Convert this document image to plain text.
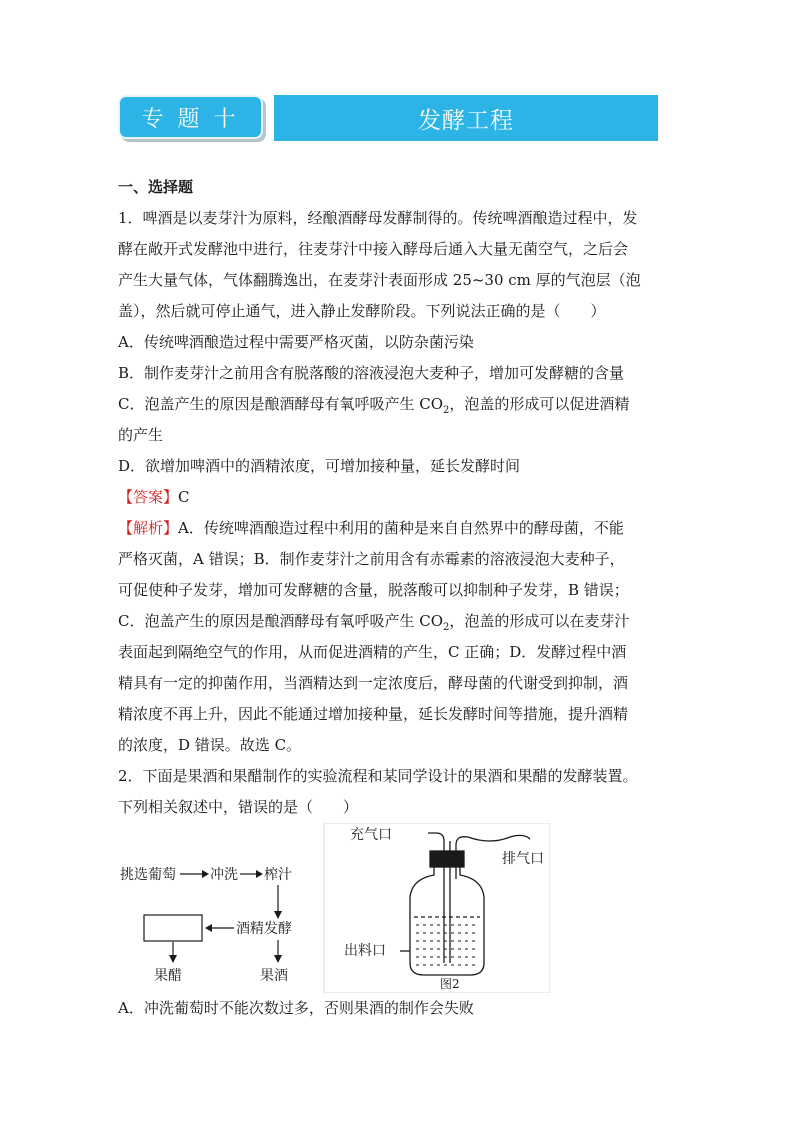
专题十	发酵工程

一、选择题

1．啤酒是以麦芽汁为原料，经酿酒酵母发酵制得的。传统啤酒酿造过程中，发

酵在敞开式发酵池中进行，往麦芽汁中接入酵母后通入大量无菌空气，之后会

产生大量气体，气体翻腾逸出，在麦芽汁表面形成 25~30 cm 厚的气泡层（泡

盖），然后就可停止通气，进入静止发酵阶段。下列说法正确的是（　　）

A．传统啤酒酿造过程中需要严格灭菌，以防杂菌污染

B．制作麦芽汁之前用含有脱落酸的溶液浸泡大麦种子，增加可发酵糖的含量

C．泡盖产生的原因是酿酒酵母有氧呼吸产生 $CO_2$，泡盖的形成可以促进酒精

的产生

D．欲增加啤酒中的酒精浓度，可增加接种量，延长发酵时间

【答案】C

【解析】A．传统啤酒酿造过程中利用的菌种是来自自然界中的酵母菌，不能

严格灭菌，A 错误；B．制作麦芽汁之前用含有赤霉素的溶液浸泡大麦种子，

可促使种子发芽，增加可发酵糖的含量，脱落酸可以抑制种子发芽，B 错误；

C．泡盖产生的原因是酿酒酵母有氧呼吸产生 $CO_2$，泡盖的形成可以在麦芽汁

表面起到隔绝空气的作用，从而促进酒精的产生，C 正确；D．发酵过程中酒

精具有一定的抑菌作用，当酒精达到一定浓度后，酵母菌的代谢受到抑制，酒

精浓度不再上升，因此不能通过增加接种量，延长发酵时间等措施，提升酒精

的浓度，D 错误。故选 C。

2．下面是果酒和果醋制作的实验流程和某同学设计的果酒和果醋的发酵装置。

下列相关叙述中，错误的是（　　）

挑选葡萄 冲洗 榨汁
酒精发酵
果醋	果酒
充气口
排气口
出料口
图2

A．冲洗葡萄时不能次数过多，否则果酒的制作会失败
